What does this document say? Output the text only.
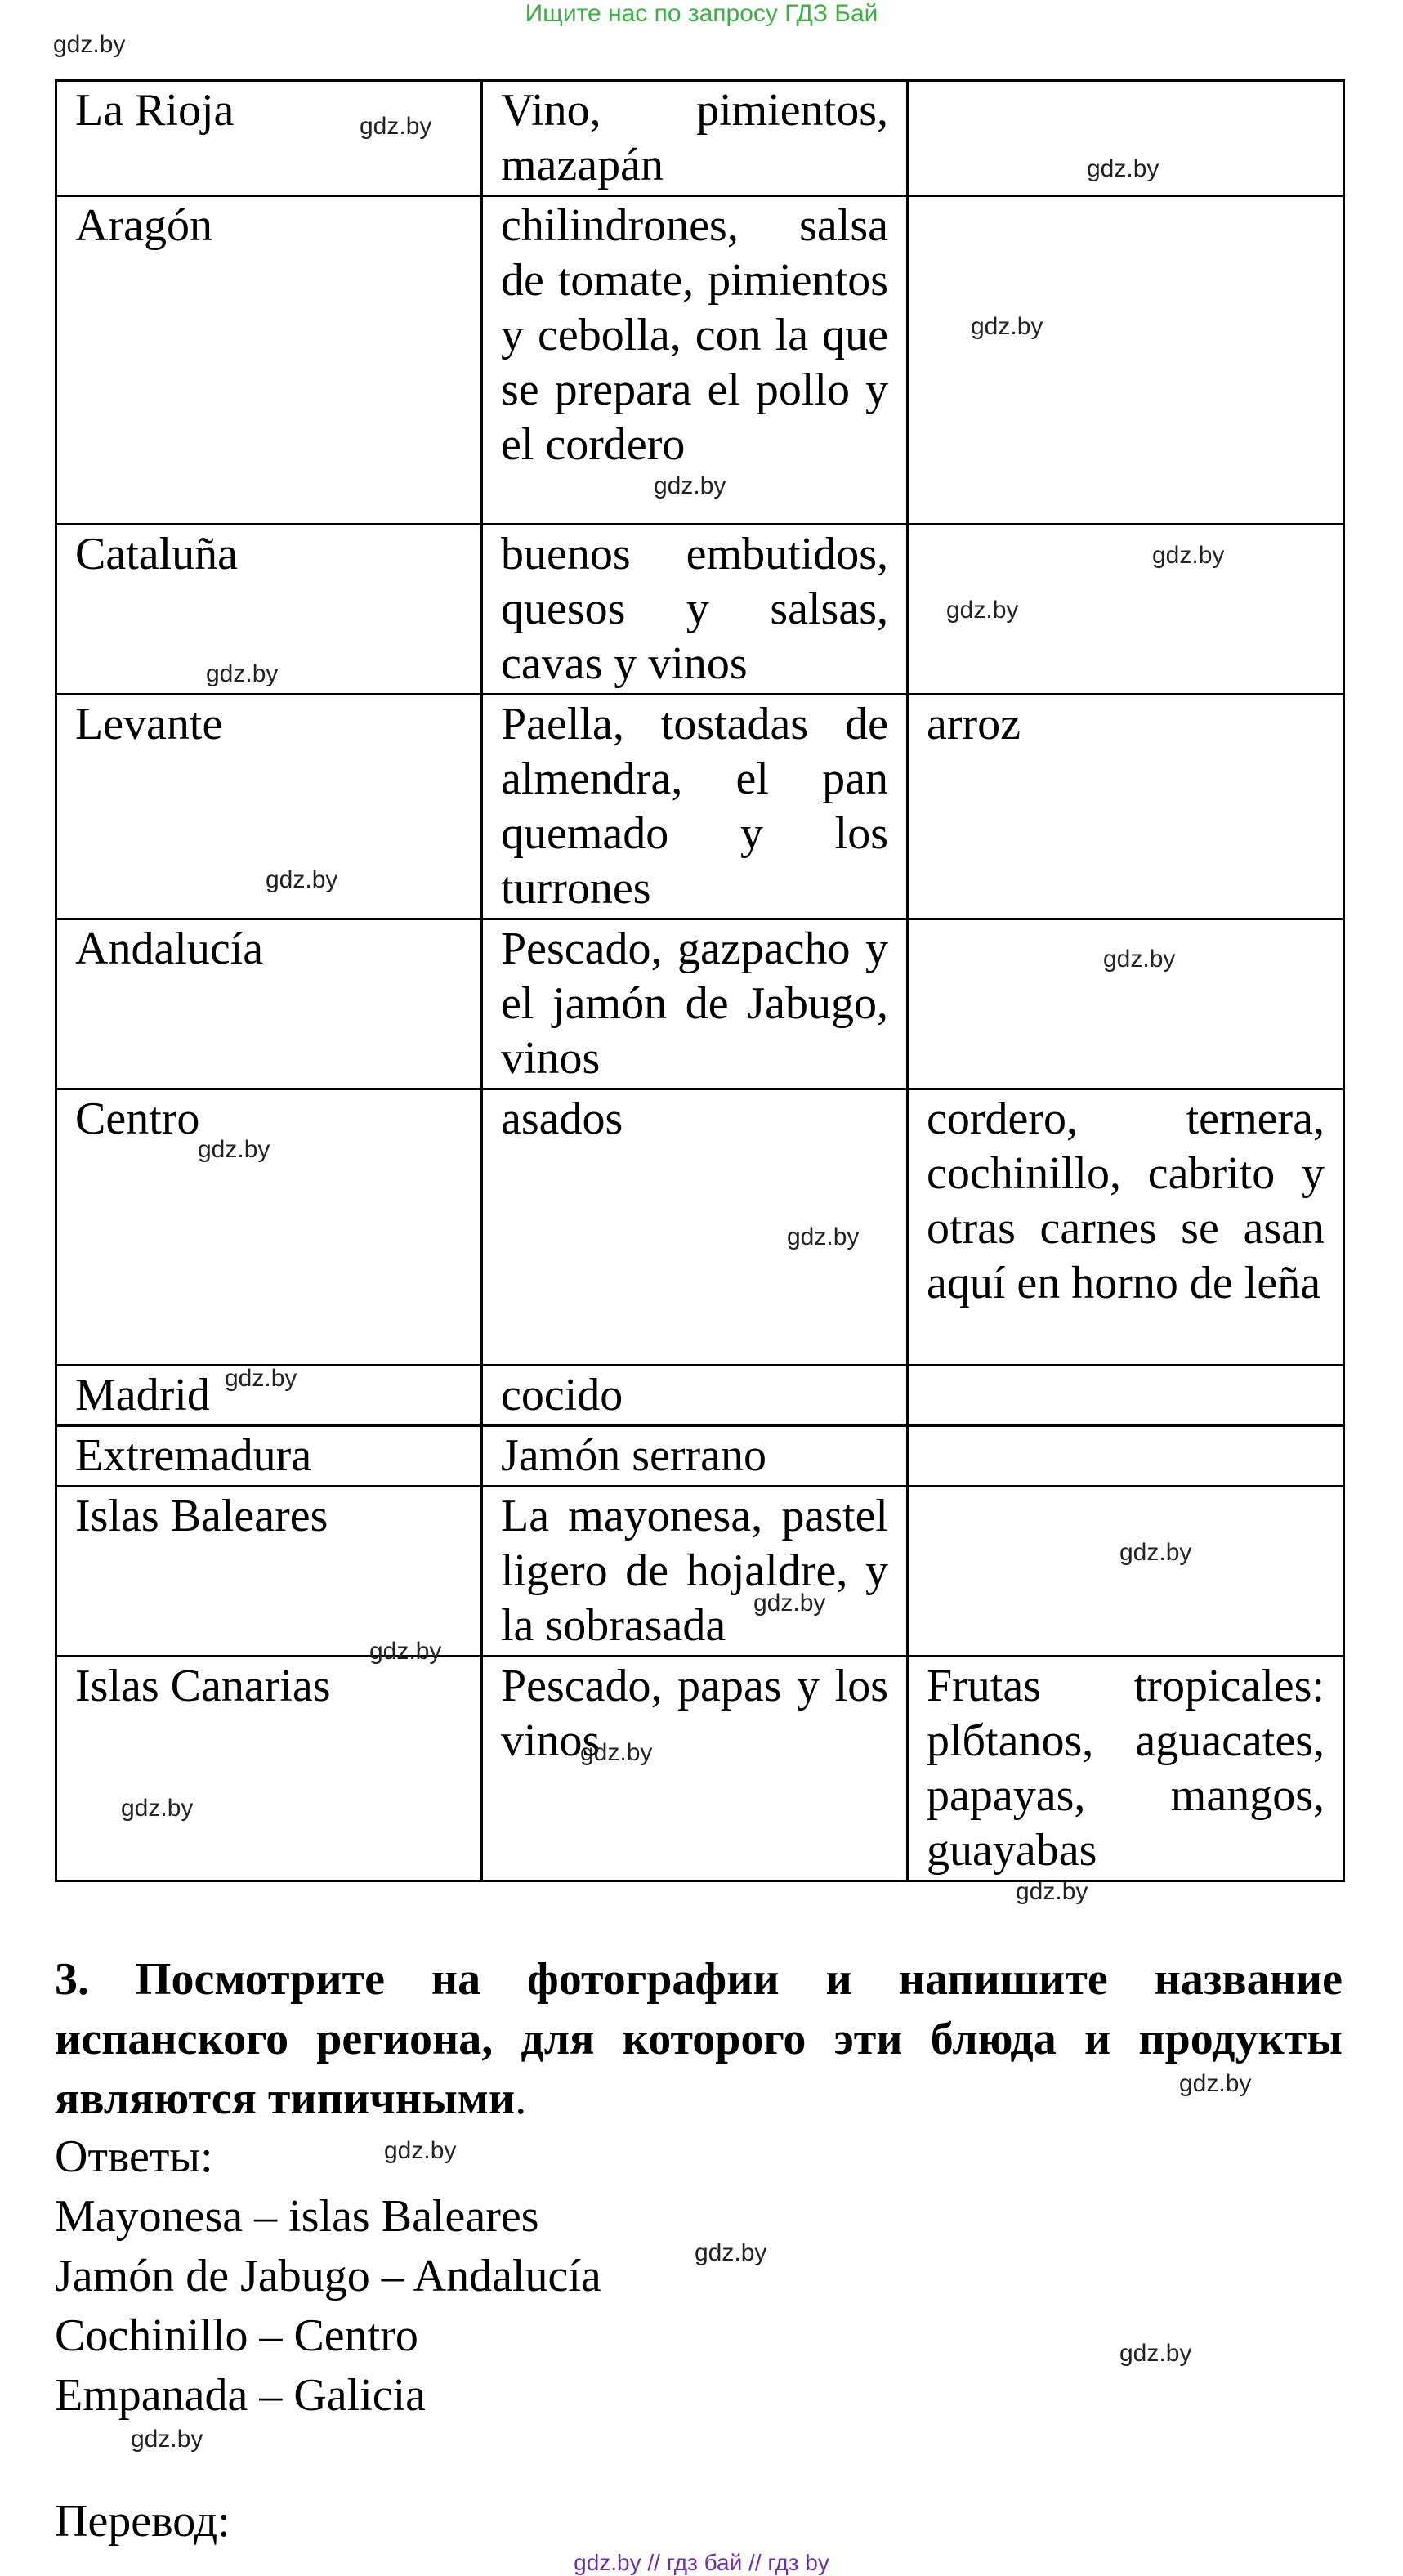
Ищите нас по запросу ГДЗ Бай
La Rioja	Vino, pimientos, mazapán	
Aragón	chilindrones, salsa de tomate, pimientos y cebolla, con la que se prepara el pollo y el cordero	
Cataluña	buenos embutidos, quesos y salsas, cavas y vinos	
Levante	Paella, tostadas de almendra, el pan quemado y los turrones	arroz
Andalucía	Pescado, gazpacho y el jamón de Jabugo, vinos	
Centro	asados	cordero, ternera, cochinillo, cabrito y otras carnes se asan aquí en horno de leña
Madrid	cocido	
Extremadura	Jamón serrano	
Islas Baleares	La mayonesa, pastel ligero de hojaldre, y la sobrasada	
Islas Canarias	Pescado, papas y los vinos	Frutas tropicales: plбtanos, aguacates, papayas, mangos, guayabas
3. Посмотрите на фотографии и напишите название испанского региона, для которого эти блюда и продукты являются типичными.
Ответы:
Mayonesa – islas Baleares
Jamón de Jabugo – Andalucía
Cochinillo – Centro
Empanada – Galicia
Перевод:
gdz.by
gdz.by
gdz.by
gdz.by
gdz.by
gdz.by
gdz.by
gdz.by
gdz.by
gdz.by
gdz.by
gdz.by
gdz.by
gdz.by
gdz.by
gdz.by
gdz.by
gdz.by
gdz.by
gdz.by
gdz.by
gdz.by
gdz.by
gdz.by
gdz.by // гдз бай // гдз by
